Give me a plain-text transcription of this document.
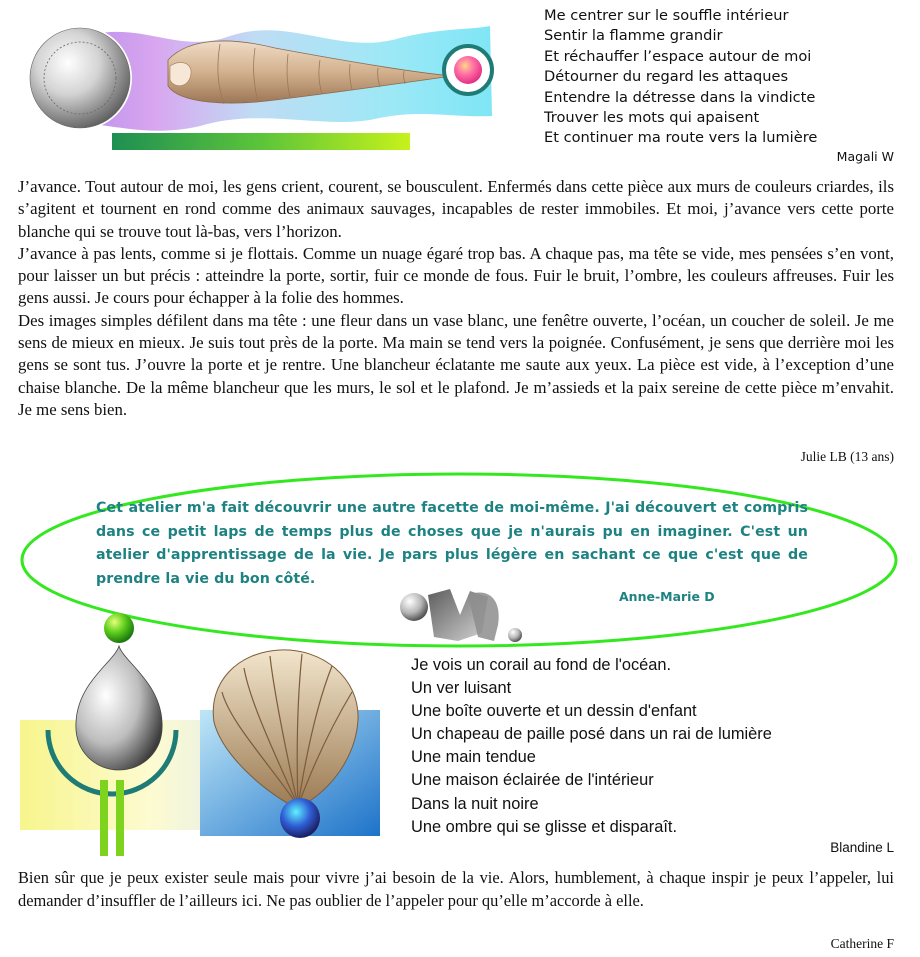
Me centrer sur le souffle intérieur
Sentir la flamme grandir
Et réchauffer l’espace autour de moi
Détourner du regard les attaques
Entendre la détresse dans la vindicte
Trouver les mots qui apaisent
Et continuer ma route vers la lumière
Magali W

J’avance. Tout autour de moi, les gens crient, courent, se bousculent. Enfermés dans cette pièce aux murs de couleurs criardes, ils s’agitent et tournent en rond comme des animaux sauvages, incapables de rester immobiles. Et moi, j’avance vers cette porte blanche qui se trouve tout là-bas, vers l’horizon.

J’avance à pas lents, comme si je flottais. Comme un nuage égaré trop bas. A chaque pas, ma tête se vide, mes pensées s’en vont, pour laisser un but précis : atteindre la porte, sortir, fuir ce monde de fous. Fuir le bruit, l’ombre, les couleurs affreuses. Fuir les gens aussi. Je cours pour échapper à la folie des hommes.

Des images simples défilent dans ma tête : une fleur dans un vase blanc, une fenêtre ouverte, l’océan, un coucher de soleil. Je me sens de mieux en mieux. Je suis tout près de la porte. Ma main se tend vers la poignée. Confusément, je sens que derrière moi les gens se sont tus. J’ouvre la porte et je rentre. Une blancheur éclatante me saute aux yeux. La pièce est vide, à l’exception d’une chaise blanche. De la même blancheur que les murs, le sol et le plafond. Je m’assieds et la paix sereine de cette pièce m’envahit. Je me sens bien.

Julie LB (13 ans)
Cet atelier m'a fait découvrir une autre facette de moi-même. J'ai découvert et compris dans ce petit laps de temps plus de choses que je n'aurais pu en imaginer. C'est un atelier d'apprentissage de la vie. Je pars plus légère en sachant ce que c'est que de prendre la vie du bon côté.
Anne-Marie D
Je vois un corail au fond de l'océan.
Un ver luisant
Une boîte ouverte et un dessin d'enfant
Un chapeau de paille posé dans un rai de lumière
Une main tendue
Une maison éclairée de l'intérieur
Dans la nuit noire
Une ombre qui se glisse et disparaît.
Blandine L
Bien sûr que je peux exister seule mais pour vivre j’ai besoin de la vie. Alors, humblement, à chaque inspir je peux l’appeler, lui demander d’insuffler de l’ailleurs ici. Ne pas oublier de l’appeler pour qu’elle m’accorde à elle.
Catherine F
